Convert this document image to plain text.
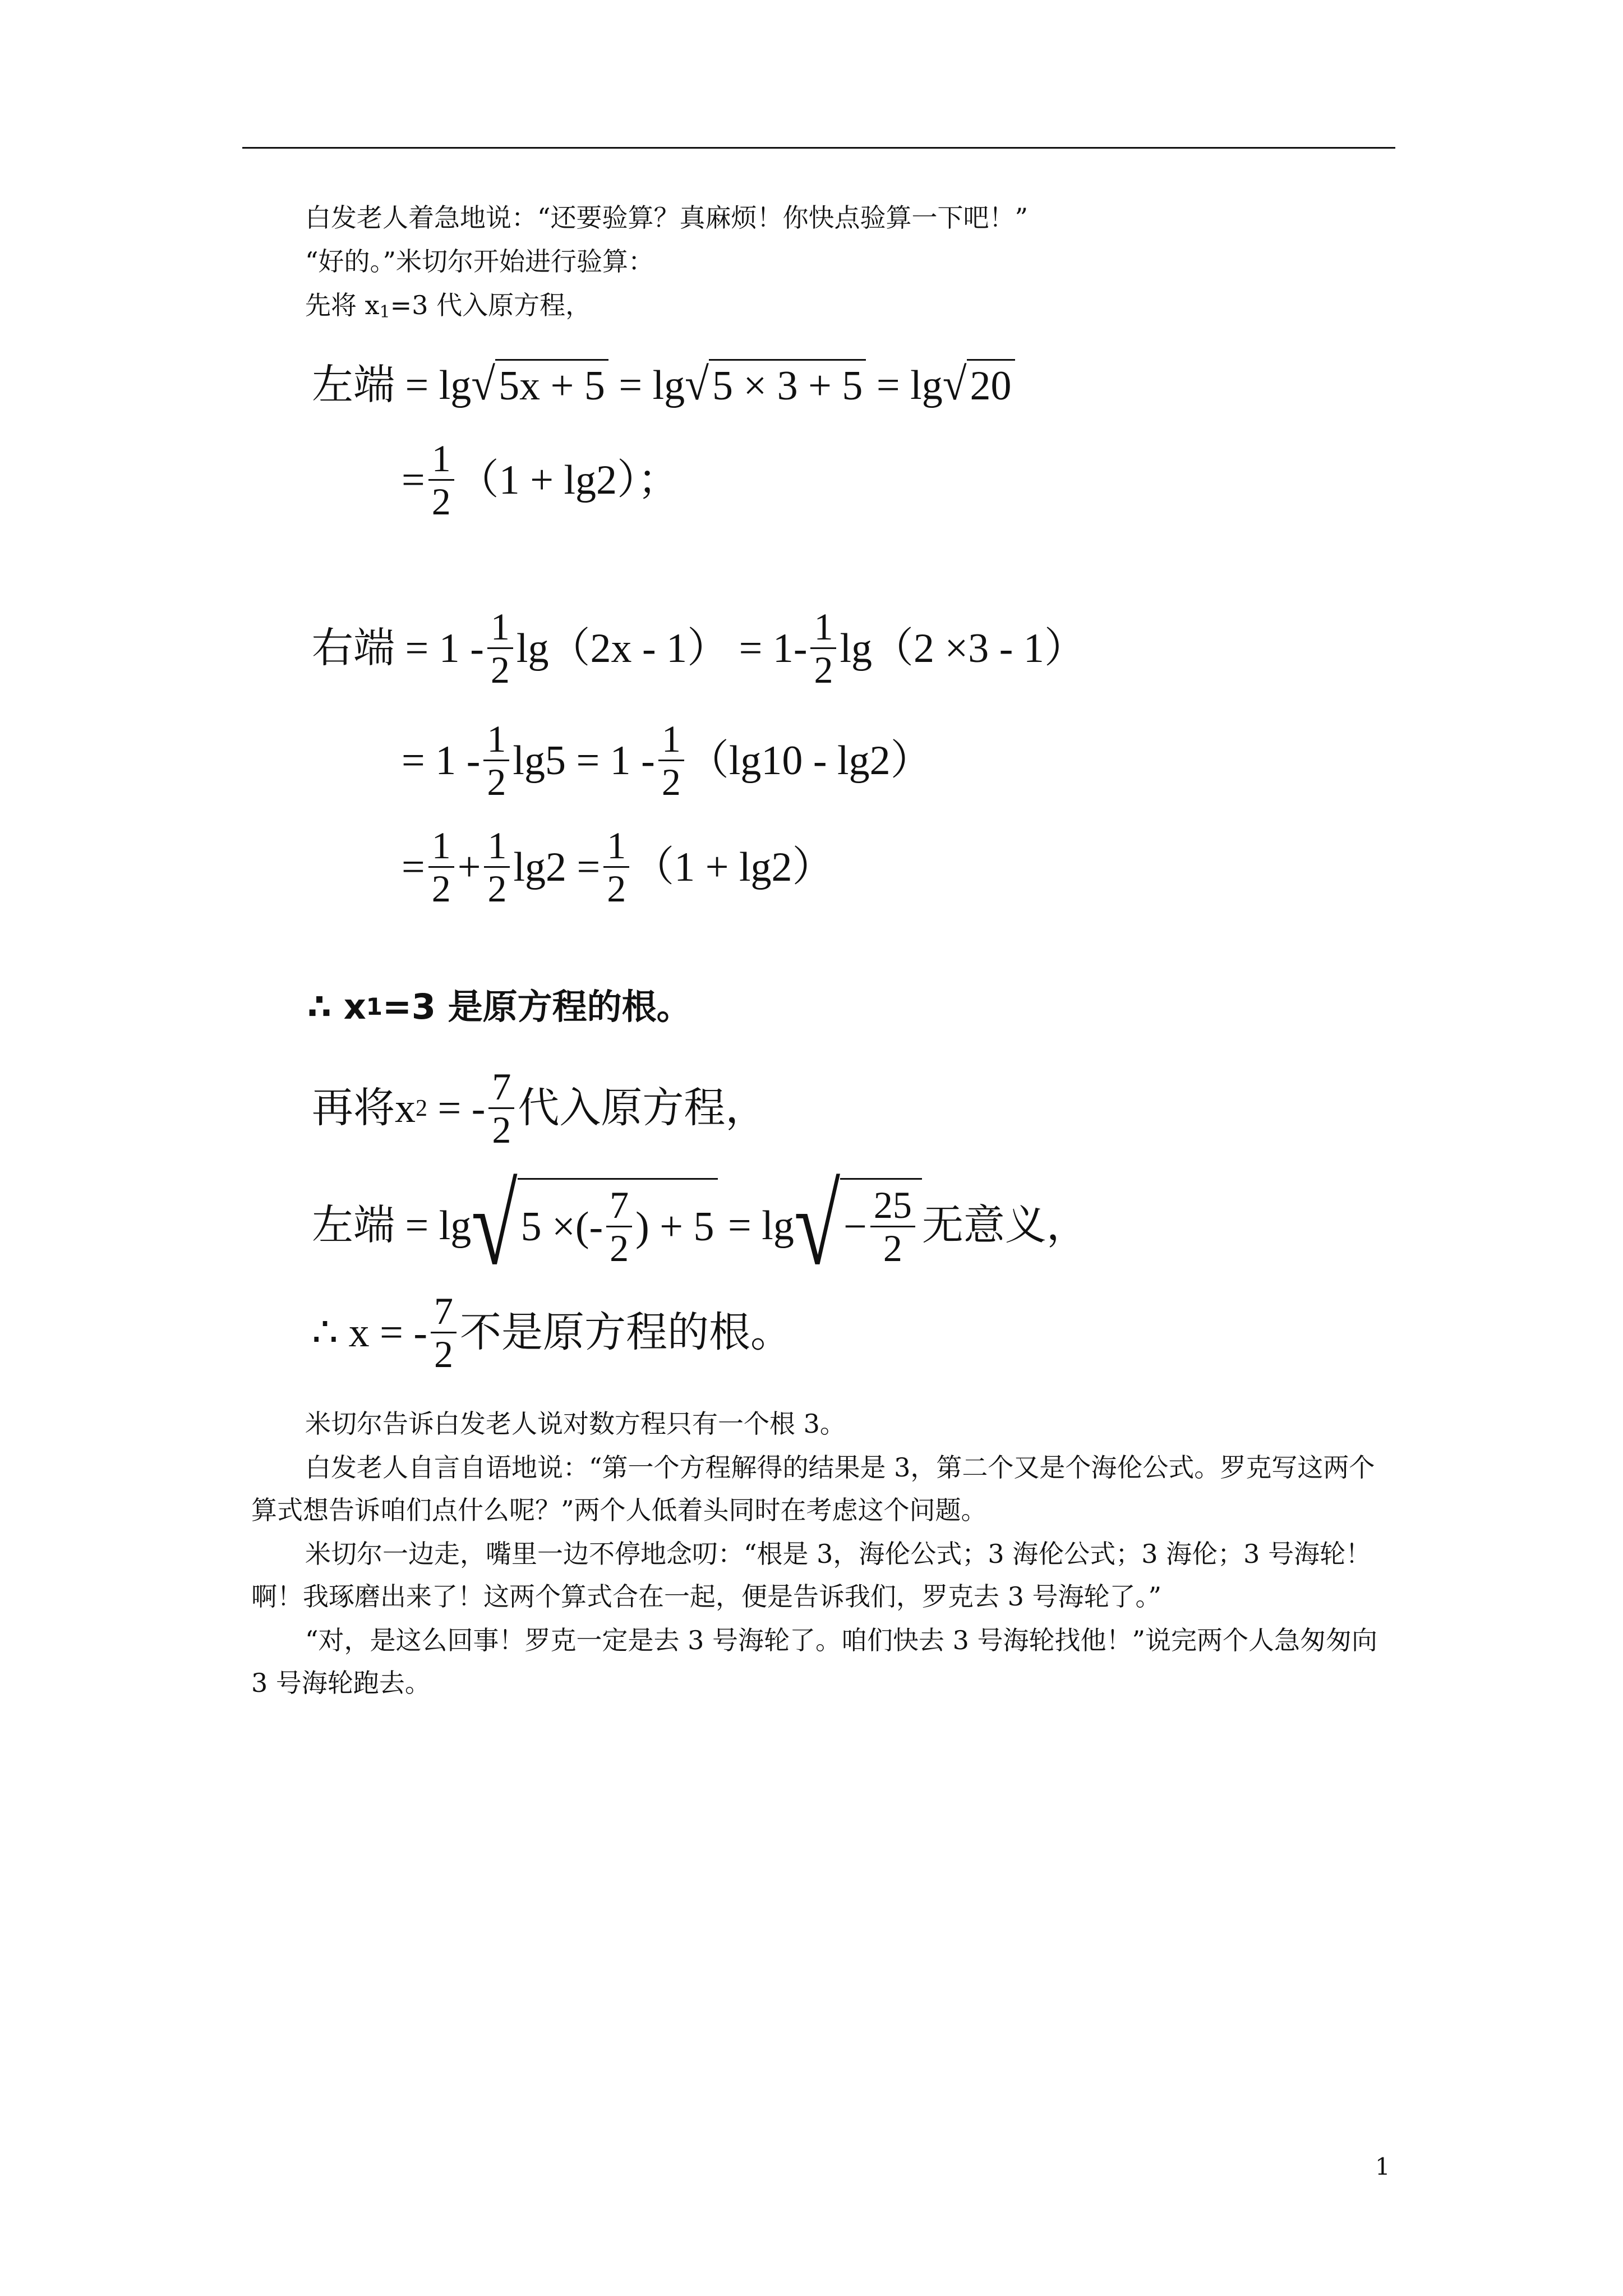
白发老人着急地说：“还要验算？真麻烦！你快点验算一下吧！”
“好的。”米切尔开始进行验算：
先将 $x_1=3$ 代入原方程，
左端 = lg √ 5x + 5 = lg √ 5 × 3 + 5 = lg √ 20
= $\frac{1}{2} (1 + \lg 2)$；
右端 = $1 - \frac{1}{2} \lg(2x - 1) = 1- \frac{1}{2} \lg(2 \times 3 - 1)$
= $1 - \frac{1}{2} \lg 5 = 1 - \frac{1}{2} (\lg 10 - \lg 2)$
= $\frac{1}{2} + \frac{1}{2} \lg 2 = \frac{1}{2} (1 + \lg 2)$
∴ x 1 =3 是原方程的根。
再将x 2 = - $\frac{7}{2}$ 代入原方程，
左端 = lg √ 5 ×(- $\frac{7}{2}$ ) + 5 = lg √ − $\frac{25}{2}$ 无意义，
∴ x = - $\frac{7}{2}$ 不是原方程的根。
米切尔告诉白发老人说对数方程只有一个根 3。
白发老人自言自语地说：“第一个方程解得的结果是 3，第二个又是个海伦公式。罗克写这两个算式想告诉咱们点什么呢？”两个人低着头同时在考虑这个问题。
米切尔一边走，嘴里一边不停地念叨：“根是 3，海伦公式；3 海伦公式；3 海伦；3 号海轮！啊！我琢磨出来了！这两个算式合在一起，便是告诉我们，罗克去 3 号海轮了。”
“对，是这么回事！罗克一定是去 3 号海轮了。咱们快去 3 号海轮找他！”说完两个人急匆匆向 3 号海轮跑去。
1
